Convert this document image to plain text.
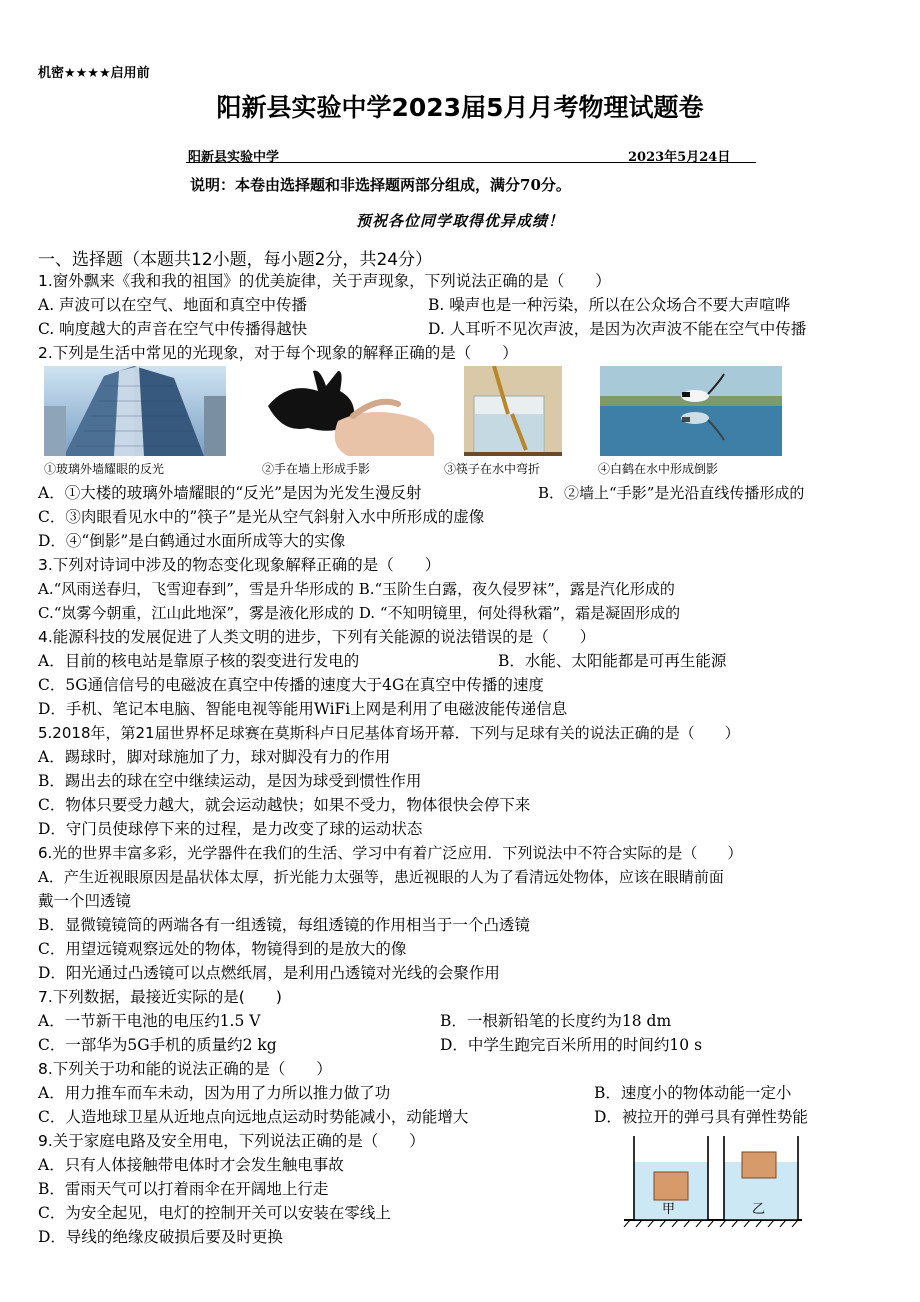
机密★★★★启用前
阳新县实验中学2023届5月月考物理试题卷
阳新县实验中学	2023年5月24日
说明：本卷由选择题和非选择题两部分组成，满分70分。
预祝各位同学取得优异成绩！
一、选择题（本题共12小题，每小题2分，共24分）
1.窗外飘来《我和我的祖国》的优美旋律，关于声现象，下列说法正确的是（　　）
A. 声波可以在空气、地面和真空中传播	B. 噪声也是一种污染，所以在公众场合不要大声喧哗
C. 响度越大的声音在空气中传播得越快	D. 人耳听不见次声波，是因为次声波不能在空气中传播
2.下列是生活中常见的光现象，对于每个现象的解释正确的是（　　）
①玻璃外墙耀眼的反光	②手在墙上形成手影	③筷子在水中弯折	④白鹤在水中形成倒影
A．①大楼的玻璃外墙耀眼的“反光”是因为光发生漫反射	B．②墙上“手影”是光沿直线传播形成的
C．③肉眼看见水中的”筷子”是光从空气斜射入水中所形成的虚像
D．④“倒影”是白鹤通过水面所成等大的实像
3.下列对诗词中涉及的物态变化现象解释正确的是（　　）
A.“风雨送春归，飞雪迎春到”，雪是升华形成的 B.“玉阶生白露，夜久侵罗袜”，露是汽化形成的
C.“岚雾今朝重，江山此地深”，雾是液化形成的 D. “不知明镜里，何处得秋霜”，霜是凝固形成的
4.能源科技的发展促进了人类文明的进步，下列有关能源的说法错误的是（　　）
A．目前的核电站是靠原子核的裂变进行发电的	B．水能、太阳能都是可再生能源
C．5G通信信号的电磁波在真空中传播的速度大于4G在真空中传播的速度
D．手机、笔记本电脑、智能电视等能用WiFi上网是利用了电磁波能传递信息
5.2018年，第21届世界杯足球赛在莫斯科卢日尼基体育场开幕．下列与足球有关的说法正确的是（　　）
A．踢球时，脚对球施加了力，球对脚没有力的作用
B．踢出去的球在空中继续运动，是因为球受到惯性作用
C．物体只要受力越大，就会运动越快；如果不受力，物体很快会停下来
D．守门员使球停下来的过程，是力改变了球的运动状态
6.光的世界丰富多彩，光学器件在我们的生活、学习中有着广泛应用．下列说法中不符合实际的是（　　）
A．产生近视眼原因是晶状体太厚，折光能力太强等，患近视眼的人为了看清远处物体，应该在眼睛前面
戴一个凹透镜
B．显微镜镜筒的两端各有一组透镜，每组透镜的作用相当于一个凸透镜
C．用望远镜观察远处的物体，物镜得到的是放大的像
D．阳光通过凸透镜可以点燃纸屑，是利用凸透镜对光线的会聚作用
7.下列数据，最接近实际的是(　　)
A．一节新干电池的电压约1.5 V	B．一根新铅笔的长度约为18 dm
C．一部华为5G手机的质量约2 kg	D．中学生跑完百米所用的时间约10 s
8.下列关于功和能的说法正确的是（　　）
A．用力推车而车未动，因为用了力所以推力做了功	B．速度小的物体动能一定小
C．人造地球卫星从近地点向远地点运动时势能减小，动能增大	D．被拉开的弹弓具有弹性势能
9.关于家庭电路及安全用电，下列说法正确的是（　　）
A．只有人体接触带电体时才会发生触电事故
B．雷雨天气可以打着雨伞在开阔地上行走
C．为安全起见，电灯的控制开关可以安装在零线上
D．导线的绝缘皮破损后要及时更换
甲	乙
